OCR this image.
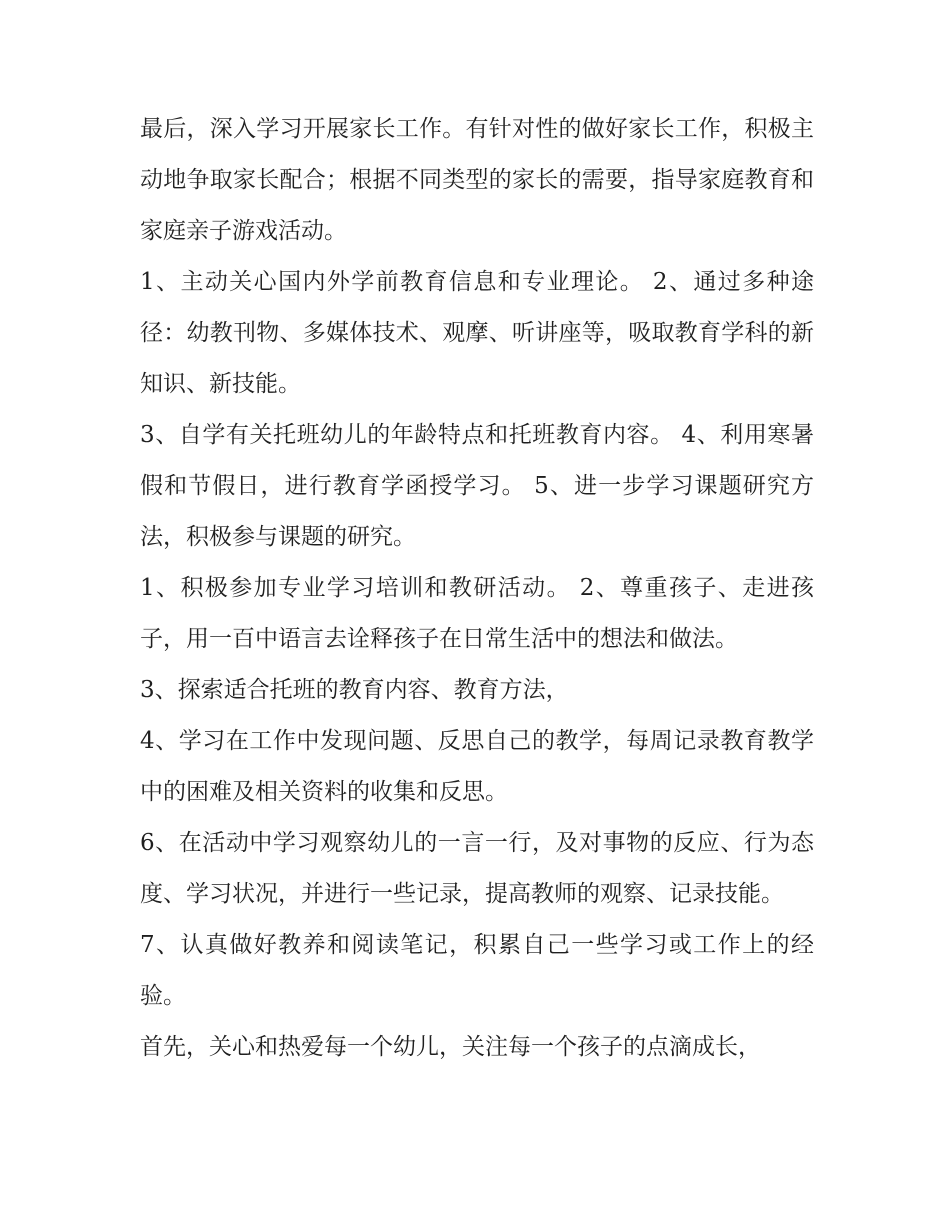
最后，深入学习开展家长工作。有针对性的做好家长工作，积极主动地争取家长配合；根据不同类型的家长的需要，指导家庭教育和家庭亲子游戏活动。

1、主动关心国内外学前教育信息和专业理论。 2、通过多种途径：幼教刊物、多媒体技术、观摩、听讲座等，吸取教育学科的新知识、新技能。

3、自学有关托班幼儿的年龄特点和托班教育内容。 4、利用寒暑假和节假日，进行教育学函授学习。 5、进一步学习课题研究方法，积极参与课题的研究。

1、积极参加专业学习培训和教研活动。 2、尊重孩子、走进孩子，用一百中语言去诠释孩子在日常生活中的想法和做法。

3、探索适合托班的教育内容、教育方法，

4、学习在工作中发现问题、反思自己的教学，每周记录教育教学中的困难及相关资料的收集和反思。

6、在活动中学习观察幼儿的一言一行，及对事物的反应、行为态度、学习状况，并进行一些记录，提高教师的观察、记录技能。

7、认真做好教养和阅读笔记，积累自己一些学习或工作上的经验。

首先，关心和热爱每一个幼儿，关注每一个孩子的点滴成长，
